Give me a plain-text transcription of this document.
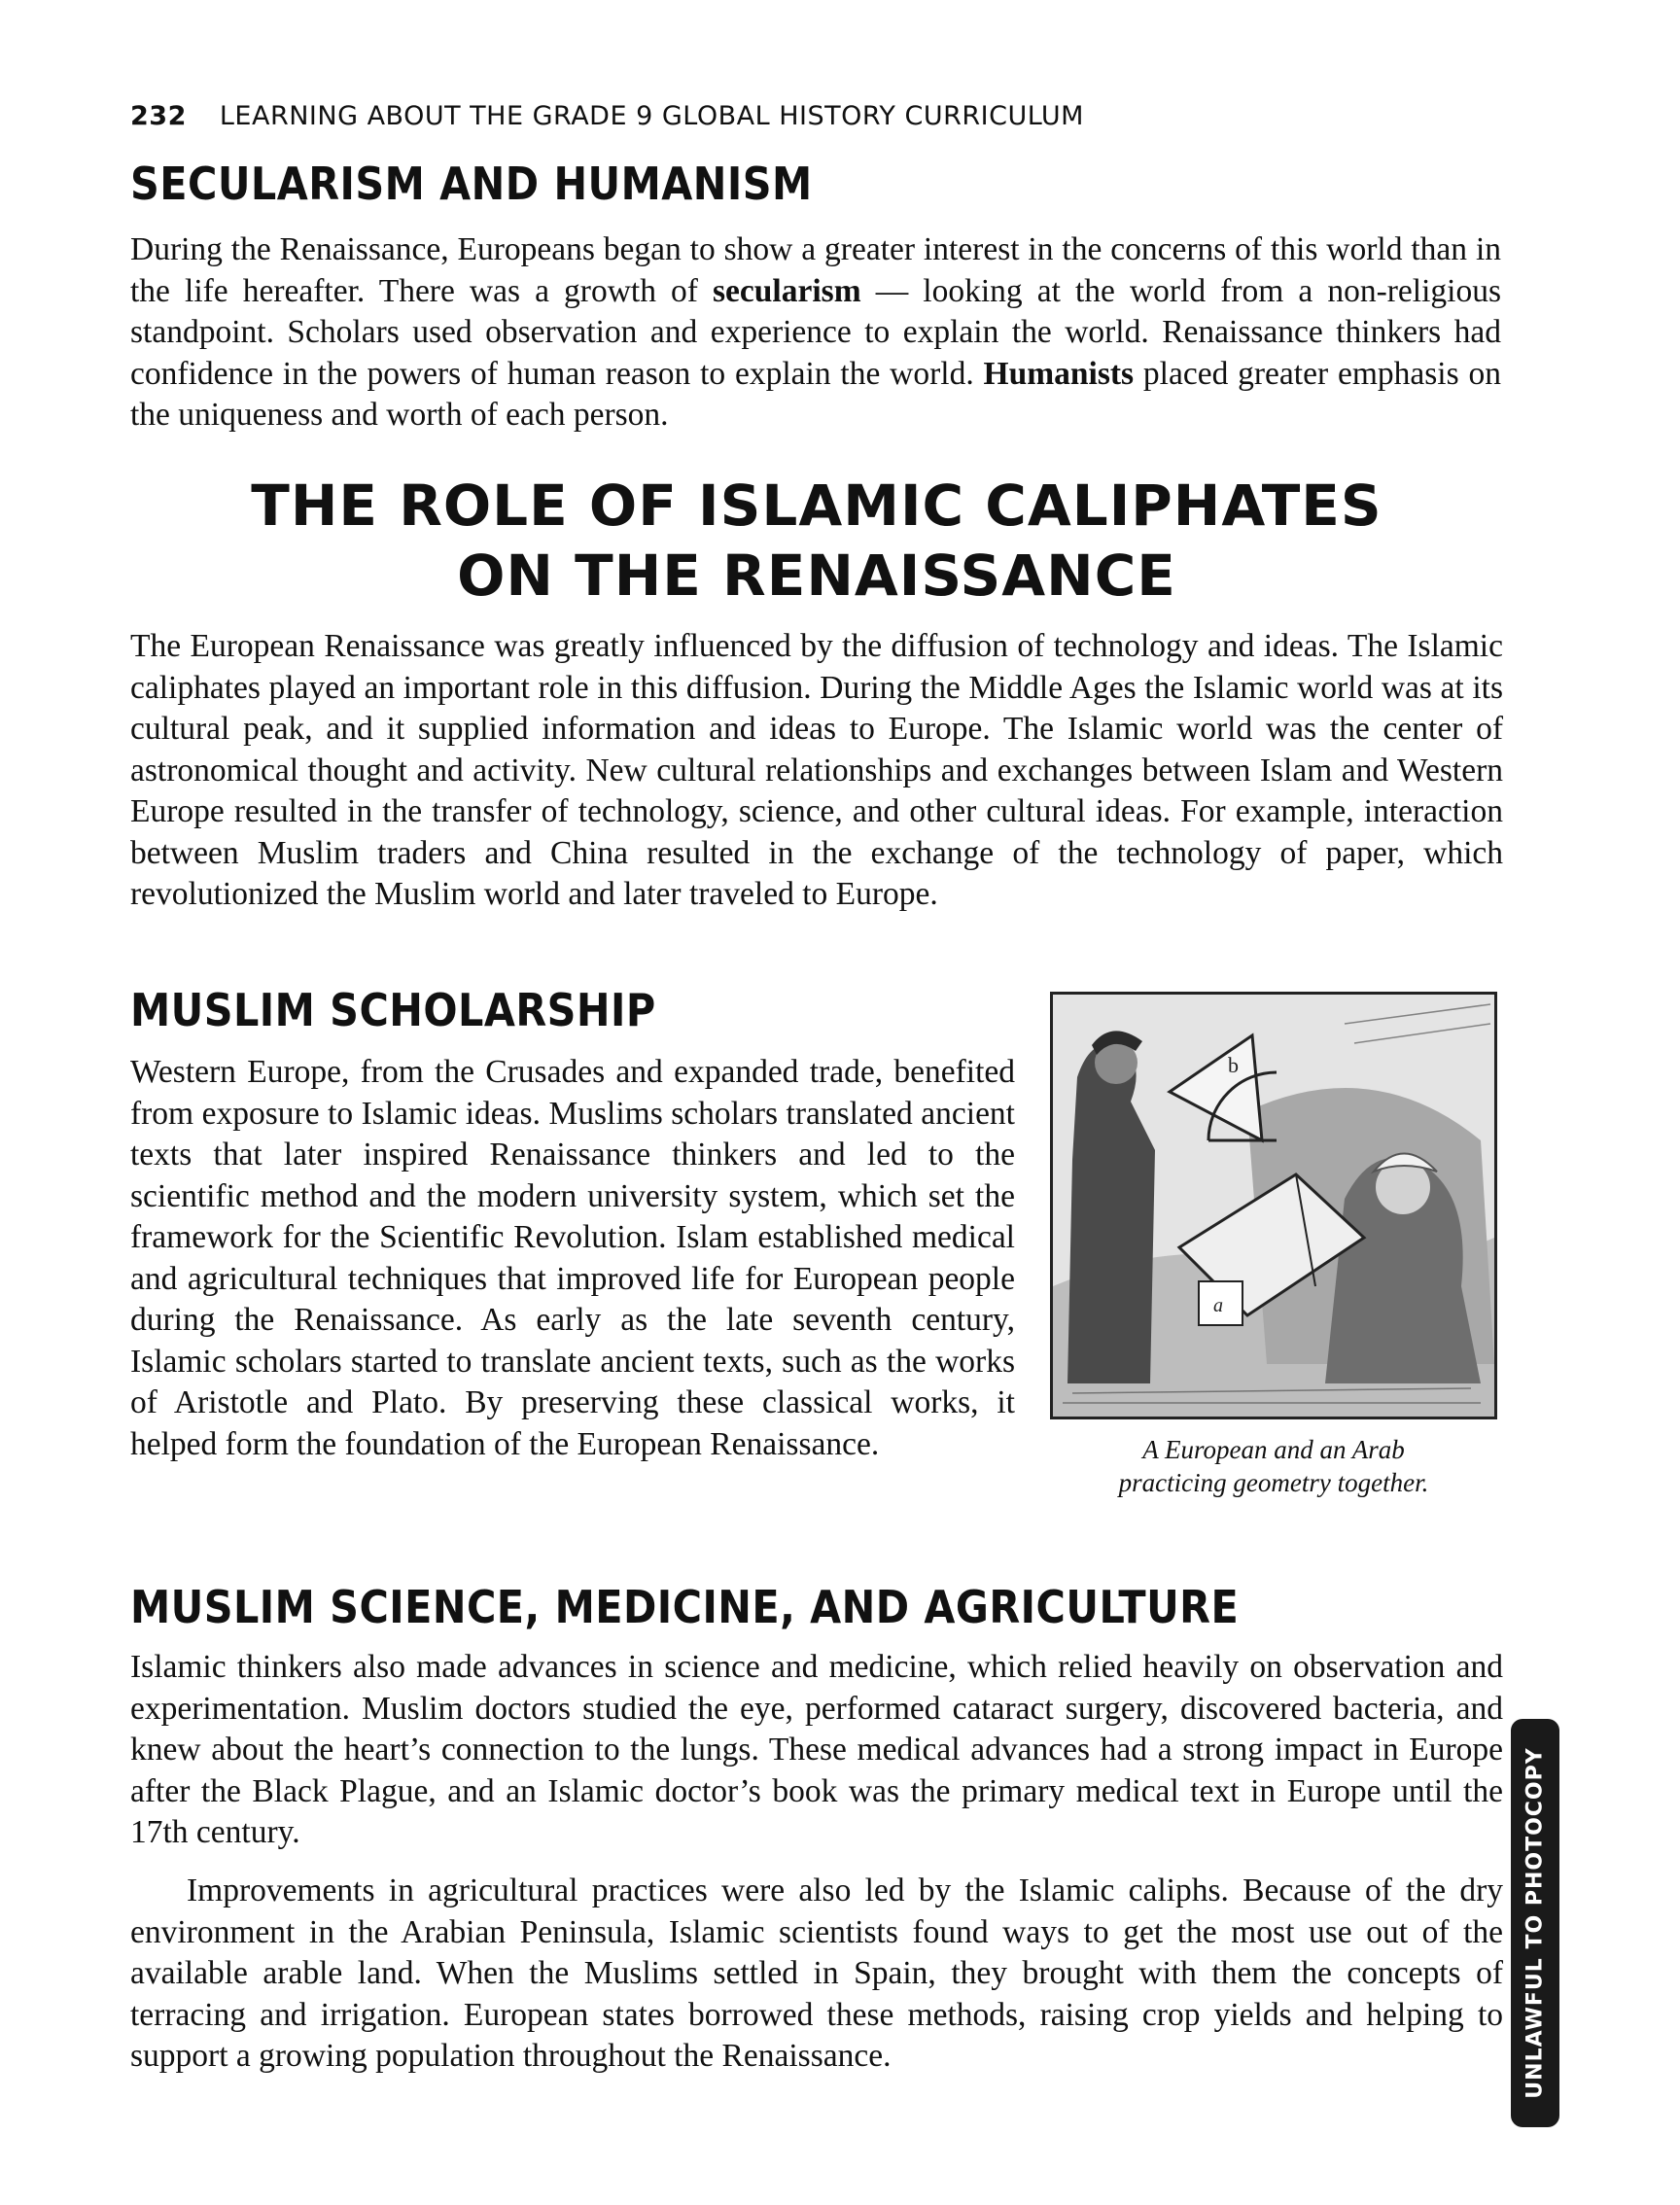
232 LEARNING ABOUT THE GRADE 9 GLOBAL HISTORY CURRICULUM
SECULARISM AND HUMANISM

During the Renaissance, Europeans began to show a greater interest in the concerns of this world than in the life hereafter. There was a growth of secularism — looking at the world from a non-religious standpoint. Scholars used observation and experience to explain the world. Renaissance thinkers had confidence in the powers of human reason to explain the world. Humanists placed greater emphasis on the uniqueness and worth of each person.

THE ROLE OF ISLAMIC CALIPHATES
ON THE RENAISSANCE

The European Renaissance was greatly influenced by the diffusion of technology and ideas. The Islamic caliphates played an important role in this diffusion. During the Middle Ages the Islamic world was at its cultural peak, and it supplied information and ideas to Europe. The Islamic world was the center of astronomical thought and activity. New cultural relationships and exchanges between Islam and Western Europe resulted in the transfer of technology, science, and other cultural ideas. For example, interaction between Muslim traders and China resulted in the exchange of the technology of paper, which revolutionized the Muslim world and later traveled to Europe.

MUSLIM SCHOLARSHIP

Western Europe, from the Crusades and expanded trade, benefited from exposure to Islamic ideas. Muslims scholars translated ancient texts that later inspired Renaissance thinkers and led to the scientific method and the modern university system, which set the framework for the Scientific Revolution. Islam established medical and agricultural techniques that improved life for European people during the Renaissance. As early as the late seventh century, Islamic scholars started to translate ancient texts, such as the works of Aristotle and Plato. By preserving these classical works, it helped form the foundation of the European Renaissance.

b
a
A European and an Arab
practicing geometry together.
MUSLIM SCIENCE, MEDICINE, AND AGRICULTURE

Islamic thinkers also made advances in science and medicine, which relied heavily on observation and experimentation. Muslim doctors studied the eye, performed cataract surgery, discovered bacteria, and knew about the heart’s connection to the lungs. These medical advances had a strong impact in Europe after the Black Plague, and an Islamic doctor’s book was the primary medical text in Europe until the 17th century.

Improvements in agricultural practices were also led by the Islamic caliphs. Because of the dry environment in the Arabian Peninsula, Islamic scientists found ways to get the most use out of the available arable land. When the Muslims settled in Spain, they brought with them the concepts of terracing and irrigation. European states borrowed these methods, raising crop yields and helping to support a growing population throughout the Renaissance.	UNLAWFUL TO PHOTOCOPY
